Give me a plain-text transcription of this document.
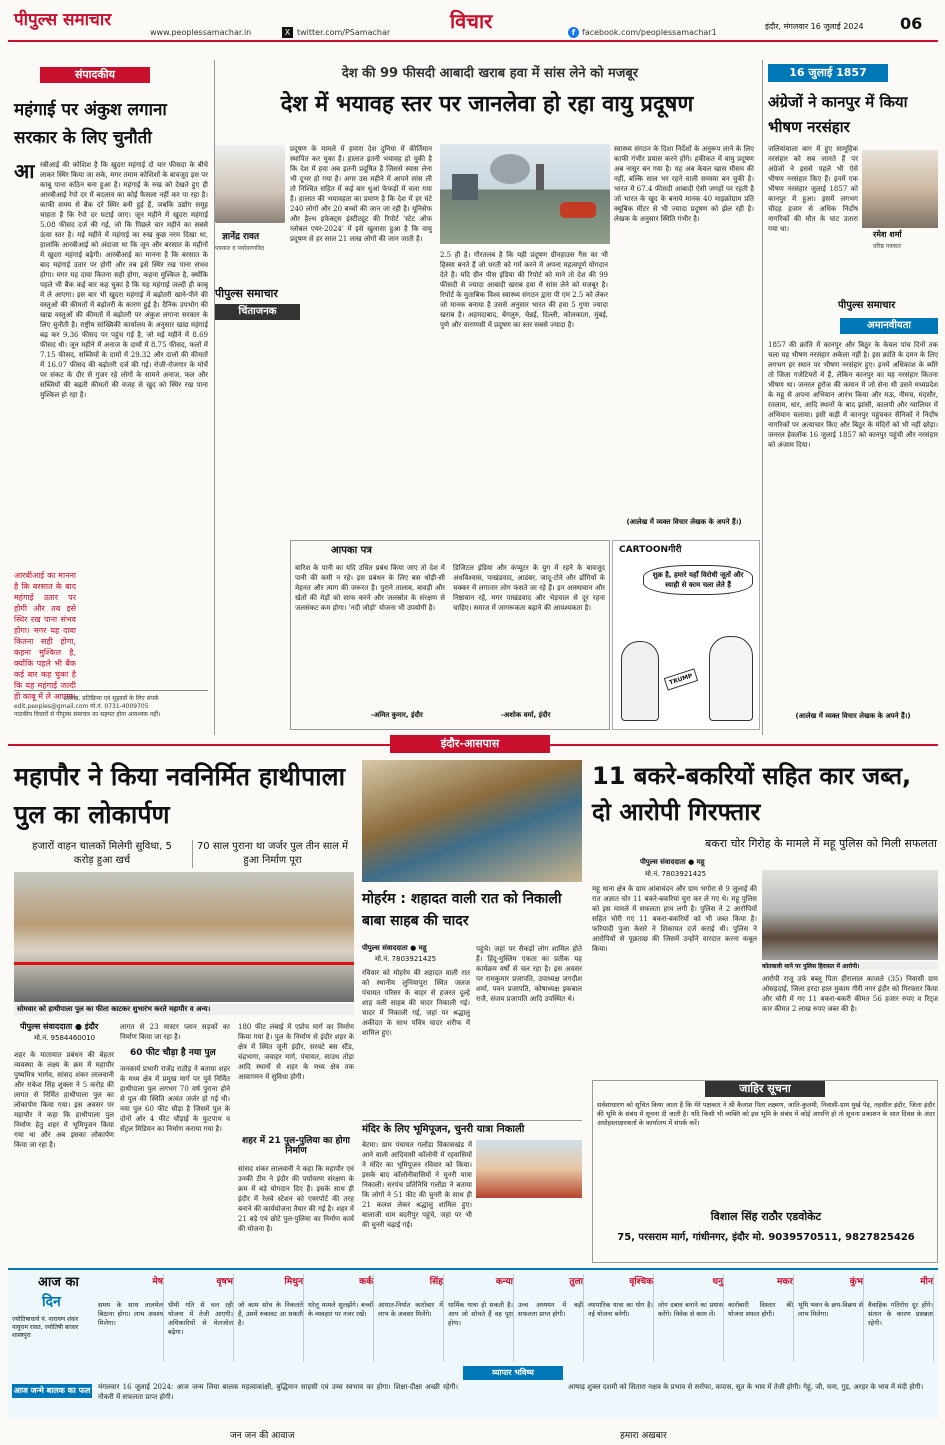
पीपुल्स समाचार
www.peoplessamachar.in	X twitter.com/PSamachar	विचार	f facebook.com/peoplessamachar1
इंदौर, मंगलवार 16 जुलाई 2024 06
संपादकीय
महंगाई पर अंकुश लगाना सरकार के लिए चुनौती
आ रबीआई की कोशिश है कि खुदरा महंगाई दो चार फीसदा के बीचे लाकर स्थिर किया जा सके, मगर तमाम कोशिशों के बावजूद इस पर काबू पाना कठिन बना हुआ है। महंगाई के रुख को देखते हुए ही आरबीआई रेपो दर में बदलाव का कोई फैसला नहीं कर पा रहा है। काफी समय से बैंक दरें स्थिर बनी हुई हैं, जबकि उद्योग समूह चाहता है कि रेपो दर घटाई जाए। जून महीने में खुदरा महंगाई 5.08 फीसद दर्ज की गई, जो कि पिछले चार महीने का सबसे ऊंचा स्तर है। मई महीने में महंगाई का रुख कुछ नरम दिखा था, हालांकि आरबीआई को अंदाजा था कि जून और बरसात के महीनों में खुदरा महंगाई बढ़ेगी। आरबीआई का मानना है कि बरसात के बाद महंगाई उतार पर होगी और तब इसे स्थिर रख पाना संभव होगा। मगर यह दावा कितना सही होगा, कहना मुश्किल है, क्योंकि पहले भी बैंक कई बार कह चुका है कि यह महंगाई जल्दी ही काबू में ले आएगा। इस बार भी खुदरा महंगाई में बढ़ोतरी खाने-पीने की वस्तुओं की कीमतों में बढ़ोतरी के कारण हुई है। दैनिक उपभोग की खाद्य वस्तुओं की कीमतों में बढ़ोतरी पर अंकुश लगाना सरकार के लिए चुनौती है। राष्ट्रीय सांख्यिकी कार्यालय के अनुसार खाद्य महंगाई बढ़ कर 9.36 फीसद पर पहुंच गई है, जो मई महीने में 8.69 फीसद थी। जून महीने में अनाज के दामों में 8.75 फीसद, फलों में 7.15 फीसद, सब्जियों के दामों में 29.32 और दालों की कीमतों में 16.07 फीसद की बढ़ोतरी दर्ज की गई। रोजी-रोजगार के मोर्चे पर संकट के दौर से गुजर रहे लोगों के सामने अनाज, फल और सब्जियों की बढ़ती कीमतों की वजह से खुद को स्थिर रख पाना मुश्किल हो रहा है।
आरबीआई का मानना है कि बरसात के बाद महंगाई उतार पर होगी और तब इसे स्थिर रख पाना संभव होगा। मगर यह दावा कितना सही होगा, कहना मुश्किल है, क्योंकि पहले भी बैंक कई बार कह चुका है कि यह महंगाई जल्दी ही काबू में ले आएगा।
आलेख, प्रतिक्रिया एवं सुझावों के लिए संपर्क
edit.peoples@gmail.com मो.नं. 0731-4009705
पाठकीय विचारों से पीपुल्स समाचार का सहमत होना आवश्यक नहीं।
देश की 99 फीसदी आबादी खराब हवा में सांस लेने को मजबूर
देश में भयावह स्तर पर जानलेवा हो रहा वायु प्रदूषण
ज्ञानेंद्र रावत
पत्रकार व पर्यावरणविद
पीपुल्स समाचार
चिंताजनक
प्रदूषण के मामले में हमारा देश दुनिया में कीर्तिमान स्थापित कर चुका है। हालात इतनी भयावह हो चुकी है कि देश में हवा अब इतनी प्रदूषित है जिससे स्वास लेना भी दूभर हो गया है। अगर उस महीने में आपने सांस ली तो निश्चित सहित में कई बार धुआं फेफड़ों में चला गया है। हालात की भयावहता का प्रमाण है कि देश में हर घंटे 240 लोगों और 20 बच्चों की जान जा रही है। यूनिसेफ और हैल्थ इफेक्ट्स इंस्टीट्यूट की रिपोर्ट 'स्टेट ऑफ ग्लोबल एयर-2024' में इसे खुलासा हुआ है कि वायु प्रदूषण से हर साल 21 लाख लोगों की जान जाती है।
2.5 ही है। गौरतलब है कि यही प्रदूषण ग्रीनहाउस गैस का भी हिस्सा बनते हैं जो धरती को गर्म करने में अपना महत्वपूर्ण योगदान देते हैं। यदि ग्रीन पीस इंडिया की रिपोर्ट को माने तो देश की 99 फीसदी से ज्यादा आबादी खराब हवा में सांस लेने को मजबूर है। रिपोर्ट के मुताबिक विश्व स्वास्थ्य संगठन द्वारा पी एम 2.5 को लेकर जो मानक बनाया है उससे अनुसार भारत की हवा 5 गुणा ज्यादा खराब है। अहमदाबाद, बेंगलुरु, चेन्नई, दिल्ली, कोलकाता, मुंबई, पुणे और वाराणसी में प्रदूषण का स्तर सबसे ज्यादा है।
स्वास्थ्य संगठन के दिशा निर्देशों के अनुरूप लाने के लिए काफी गंभीर प्रयास करने होंगे। हकीकत में वायु प्रदूषण अब नासूर बन गया है। यह अब केवल खास मौसम की नहीं, बल्कि साल भर रहने वाली समस्या बन चुकी है। भारत में 67.4 फीसदी आबादी ऐसी जगहों पर रहती है जो भारत के खुद के बनाये मानक 40 माइक्रोग्राम प्रति क्यूबिक मीटर से भी ज्यादा प्रदूषण को झेल रही है। लेखक के अनुसार स्थिति गंभीर है।
(आलेख में व्यक्त विचार लेखक के अपने हैं।)
आपका पत्र
बारिश के पानी का यदि उचित प्रबंध किया जाए तो देश में पानी की कमी न रहे। इस प्रबंधन के लिए बस थोड़ी-सी मेहनत और त्याग की जरूरत है। पुराने तालाब, बावड़ी और खेतों की मेड़ों को साफ करने और जलस्रोत के संरक्षण से जलसंकट कम होगा। 'नदी जोड़ो' योजना भी उपयोगी है।
-अमित कुमार, इंदौर
डिजिटल इंडिया और कंप्यूटर के युग में रहने के बावजूद अंधविश्वास, पाखंडवाद, आडंबर, जादू-टोने और ढोंगियों के चक्कर में लगातार लोग फंसते जा रहे हैं। इन आस्थावान और निष्ठावान रहें, मगर पाखंडवाद और भेड़चाल से दूर रहना चाहिए। समाज में जागरूकता बढ़ाने की आवश्यकता है।
-अशोक वर्मा, इंदौर
CARTOONगीरी
शुक्र है, हमारे यहाँ विरोधी जूतों और स्याही से काम चला लेते हैं
TRUMP
16 जुलाई 1857
अंग्रेजों ने कानपुर में किया भीषण नरसंहार
जलियांवाला बाग में हुए सामूहिक नरसंहार को सब जानते हैं पर अंग्रेजों ने इससे पहले भी ऐसे भीषण नरसंहार किए हैं। इनमें एक भीषण नरसंहार जुलाई 1857 को कानपुर में हुआ। इसमें लगभग चौदह हजार से अधिक निर्दोष नागरिकों की मौत के घाट उतारा गया था।
रमेश शर्मा
वरिष्ठ पत्रकार
पीपुल्स समाचार
अमानवीयता
1857 की क्रांति में कानपुर और बिठूर के केवल पांच दिनों तक चला यह भीषण नरसंहार अकेला नहीं है। इस क्रांति के दमन के लिए लगभग हर स्थान पर भीषण नरसंहार हुए। इनमें अधिकांश के ब्यौरे तो जिला गजेटियरों में हैं, लेकिन कानपुर का यह नरसंहार कितना भीषण था। जनरल हूरोज की कमान में जो सेना थी उसने मध्यप्रदेश के महू से अपना अभियान आरंभ किया और मऊ, नीमच, मंदसौर, रतलाम, धार, आदि स्थानों के बाद झांसी, कालपी और ग्वालियर में अभियान चलाया। इसी कड़ी में कानपुर पहुंचकर सैनिकों ने निर्दोष नागरिकों पर अत्याचार किए और बिठूर के मंदिरों को भी नहीं छोड़ा। जनरल हेवलॉक 16 जुलाई 1857 को कानपुर पहुंची और नरसंहार को अंजाम दिया।
(आलेख में व्यक्त विचार लेखक के अपने हैं।)
इंदौर-आसपास
महापौर ने किया नवनिर्मित हाथीपाला पुल का लोकार्पण
हजारों वाहन चालकों मिलेगी सुविधा, 5 करोड़ हुआ खर्च
70 साल पुराना था जर्जर पुल तीन साल में हुआ निर्माण पूरा
सोमवार को हाथीपाला पुल का फीता काटकर शुभारंभ करते महापौर व अन्य।
पीपुल्स संवाददाता ● इंदौर
मो.नं. 9584460010
शहर के यातायात प्रबंधन की बेहतर व्यवस्था के लक्ष्य के क्रम में महापौर पुष्यमित्र भार्गव, सांसद शंकर लालवानी और राकेश सिंह शुक्ला ने 5 करोड़ की लागत से निर्मित हाथीपाला पुल का लोकार्पण किया गया। इस अवसर पर महापौर ने कहा कि हाथीपाला पुल निर्माण हेतु शहर में भूमिपूजन किया गया था और अब इसका लोकार्पण किया जा रहा है।
लागत से 23 मास्टर प्लान सड़कों का निर्माण किया जा रहा है।
60 फीट चौड़ा है नया पुल
जनकार्य प्रभारी राजेंद्र राठौड़ ने बताया शहर के मध्य क्षेत्र में प्रमुख मार्ग पर पूर्व निर्मित हाथीपाला पुल लगभग 70 वर्ष पुराना होने से पुल की स्थिति अत्यंत जर्जर हो गई थी। नया पुल 60 फीट चौड़ा है जिसमें पुल के दोनों ओर 4 फीट चौड़ाई के फुटपाथ व सेंट्रल मिडियन का निर्माण कराया गया है।
180 फीट लंबाई में एप्रोच मार्ग का निर्माण किया गया है। पुल के निर्माण से इंदौर शहर के क्षेत्र में स्थित जूनी इंदौर, सरवटे बस स्टैंड, चंद्रभागा, जवाहर मार्ग, पंचायत, साउथ तोड़ा आदि स्थानों से शहर के मध्य क्षेत्र तक आवागमन में सुविधा होगी।
मोहर्रम : शहादत वाली रात को निकाली बाबा साहब की चादर
पीपुल्स संवाददाता ● महू
मो.नं. 7803921425
रविवार को मोहर्रम की शहादत वाली रात को स्थानीय लुनियापुरा स्थित जलज पंचायत परिसर के बाहर से हजरत दूल्हे शाह वली साहब की चादर निकाली गई। चादर में निकाली गई, जहां पर श्रद्धालु अकीदत के साथ पवित्र चादर शरीफ में शामिल हुए।
पहुंचे। जहां पर सैकड़ों लोग शामिल होते हैं। हिंदू-मुस्लिम एकता का प्रतीक यह कार्यक्रम वर्षों से चल रहा है। इस अवसर पर रामकुमार प्रजापति, उपाध्यक्ष जगदीश शर्मा, पवन प्रजापति, कोषाध्यक्ष इकबाल राजै, संजय प्रजापति आदि उपस्थित थे।
मंदिर के लिए भूमिपूजन, चुनरी यात्रा निकाली
बेटमा। ग्राम पंचायत गलोंडा विकासखंड में आने वाली आदिवासी कॉलोनी में रहवासियों ने मंदिर का भूमिपूजन रविवार को किया। इसके बाद कॉलोनीवासियों ने चुनरी यात्रा निकाली। सरपंच प्रतिनिधि गलोंडा ने बताया कि लोगों ने 51 फीट की चुनरी के साथ ही 21 कलश लेकर श्रद्धालु शामिल हुए। बालाजी धाम बदरीपुर पहुंचे, जहां पर भी की चुनरी चढ़ाई गई।
11 बकरे-बकरियों सहित कार जब्त, दो आरोपी गिरफ्तार
बकरा चोर गिरोह के मामले में महू पुलिस को मिली सफलता
पीपुल्स संवाददाता ● महू
मो.नं. 7803921425
महू थाना क्षेत्र के ग्राम आंबाचंदन और ग्राम भगोरा से 9 जुलाई की रात अज्ञात चोर 11 बकरे-बकरियां चुरा कर ले गए थे। महू पुलिस को इस मामले में सफलता हाथ लगी है। पुलिस ने 2 आरोपियों सहित चोरी गए 11 बकरा-बकरियों को भी जब्त किया है। फरियादी पुजा केसरे ने शिकायत दर्ज कराई थी। पुलिस ने आरोपियों से पूछताछ की जिसमें उन्होंने वारदात करना कबूल किया।
कोतवाली थाने पर पुलिस हिरासत में आरोपी।
आरोपी राजू उर्फ बब्लू पिता हीरालाल काजले (35) निवासी ग्राम ओसहदाई, जिला हरदा हाल मुकाम गीरी नगर इंदौर को गिरफ्तार किया और चोरी में गए 11 बकरा-बकरी कीमत 56 हजार रुपए व रिट्ज कार कीमत 2 लाख रुपए जब्त की है।
जाहिर सूचना
सर्वसाधारण को सूचित किया जाता है कि मेरे पक्षकार ने श्री कैलाश पिता लक्ष्मण, जाति-कुलमी, निवासी-ग्राम मुर्ख पेड़, तहसील इंदौर, जिला इंदौर की भूमि के संबंध में सूचना दी जाती है। यदि किसी भी व्यक्ति को इस भूमि के संबंध में कोई आपत्ति हो तो सूचना प्रकाशन के सात दिवस के अंदर अधोहस्ताक्षरकर्ता के कार्यालय में संपर्क करें।
विशाल सिंह राठौर एडवोकेट
75, परसराम मार्ग, गांधीनगर, इंदौर मो. 9039570511, 9827825426
आज का
दिन
ज्योतिषाचार्य पं. नारायण शंकर नायुराम रावत, ज्योतिषी बाजार शास्त्रपुरा
मेष
समय के साथ तालमेल बिठाना होगा। लाभ अवश्य मिलेगा।
वृषभ
धीमी गति से चल रही योजना में तेजी आएगी। अधिकारियों से मेलजोल बढ़ेगा।
मिथुन
जो काम सोच के निकलते हैं, उसमें रुकावट आ सकती है।
कर्क
घरेलू मामले सुलझेंगे। बच्चों के व्यवहार पर नजर रखें।
सिंह
आयात-निर्यात कारोबार में लाभ के अवसर मिलेंगे।
कन्या
धार्मिक यात्रा हो सकती है। आप जो सोचते हैं वह पूरा होगा।
तुला
उच्च अध्ययन में बड़ी सफलता प्राप्त होगी।
वृश्चिक
व्यापारिक यात्रा का योग है। नई योजना बनेगी।
धनु
लोग दबाव बनाने का प्रयास करेंगे। विवेक से काम लें।
मकर
कारोबारी विस्तार की योजना सफल होगी।
कुंभ
भूमि भवन के क्रय-विक्रय से लाभ मिलेगा।
मीन
वैवाहिक गतिरोध दूर होंगे। संतान के कारण प्रसन्नता रहेगी।
आज जन्मे बालक का फल मंगलवार 16 जुलाई 2024: आज जन्म लिया बालक महत्वाकांक्षी, बुद्धिमान साहसी एवं उच्च स्वभाव का होगा। शिक्षा-दीक्षा अच्छी रहेगी। नौकरी में सफलता प्राप्त होगी।
व्यापार भविष्य
आषाढ़ शुक्ल दशमी को सितारा नक्षत्र के प्रभाव से सर्राफा, कपास, सूत के भाव में तेजी होगी। गेहूं, जौ, चना, गुड़, अरहर के भाव में मंदी होगी।
जन जन की आवाज	हमारा अखबार
शहर में 21 पुल-पुलिया का होगा निर्माण
सांसद शंकर लालवानी ने कहा कि महापौर एवं उनकी टीम ने इंदौर की पर्यावरण संरक्षण के क्रम में बड़े योगदान दिए हैं। इसके साथ ही इंदौर में रेलवे स्टेशन को एयरपोर्ट की तरह बनाने की कार्ययोजना तैयार की गई है। शहर में 21 बड़े एवं छोटे पुल-पुलिया का निर्माण कार्य की योजना है।
